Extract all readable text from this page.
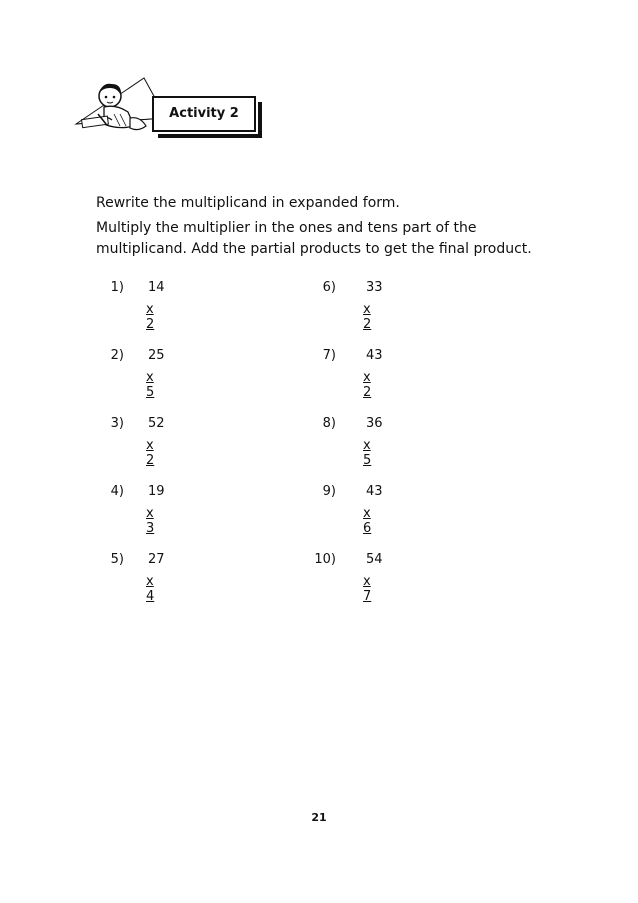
Activity 2

Rewrite the multiplicand in expanded form.

Multiply the multiplier in the ones and tens part of the

multiplicand. Add the partial products to get the final product.

1) 14
x 2
2) 25
x 5
3) 52
x 2
4) 19
x 3
5) 27
x 4
6) 33
x 2
7) 43
x 2
8) 36
x 5
9) 43
x 6
10) 54
x 7
21
